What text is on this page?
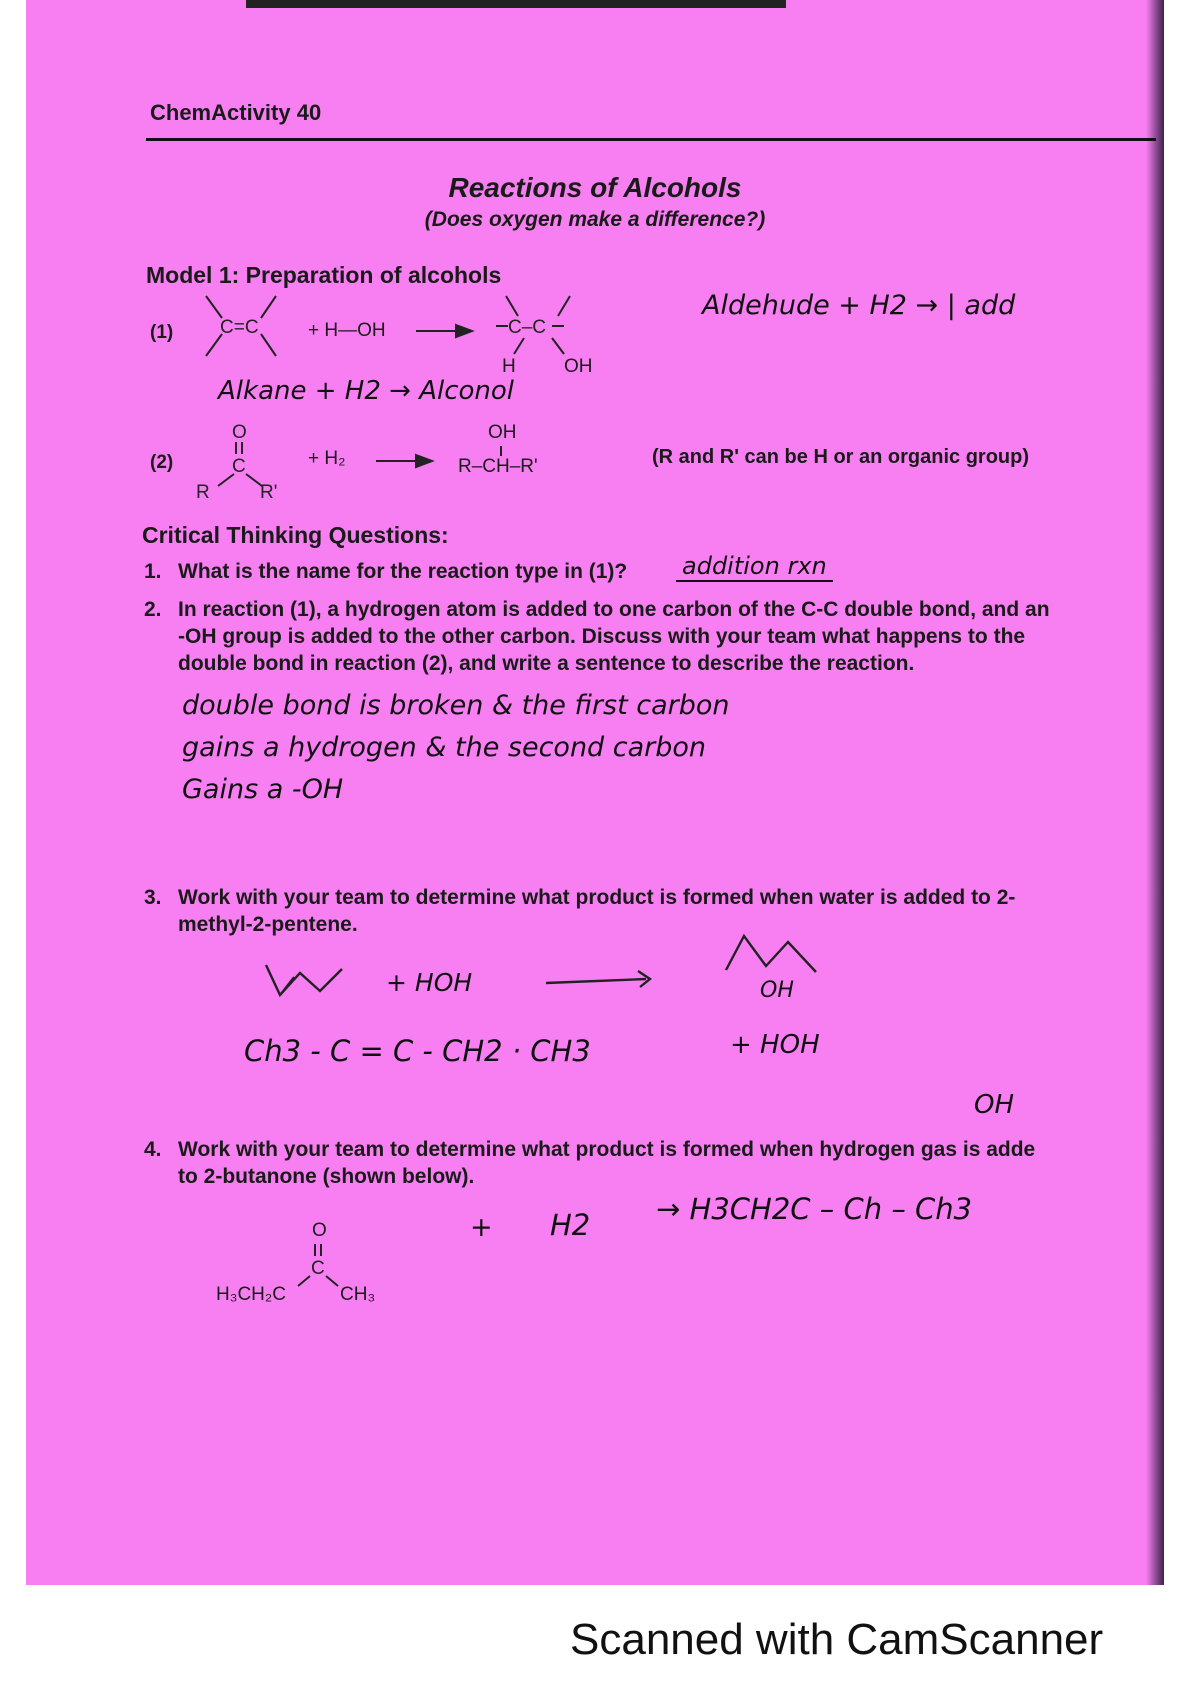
ChemActivity 40
Reactions of Alcohols
(Does oxygen make a difference?)
Model 1: Preparation of alcohols
(1) C=C	+ H—OH	C–C
H	OH
Aldehude + H2 → | add
Alkane + H2 → Alconol
(2)
O
C
R	R'
+ H₂
OH
R–CH–R'	(R and R' can be H or an organic group)
Critical Thinking Questions:
1. What is the name for the reaction type in (1)? addition rxn
2. In reaction (1), a hydrogen atom is added to one carbon of the C-C double bond, and an
-OH group is added to the other carbon. Discuss with your team what happens to the
double bond in reaction (2), and write a sentence to describe the reaction.
double bond is broken & the first carbon
gains a hydrogen & the second carbon
Gains a -OH
3. Work with your team to determine what product is formed when water is added to 2-
methyl-2-pentene.
+ HOH	OH
Ch3 - C = C - CH2 · CH3	+ HOH
OH
4. Work with your team to determine what product is formed when hydrogen gas is adde
to 2-butanone (shown below).
+ H2 → H3CH2C – Ch – Ch3
O
C
H₃CH₂C	CH₃
Scanned with CamScanner
